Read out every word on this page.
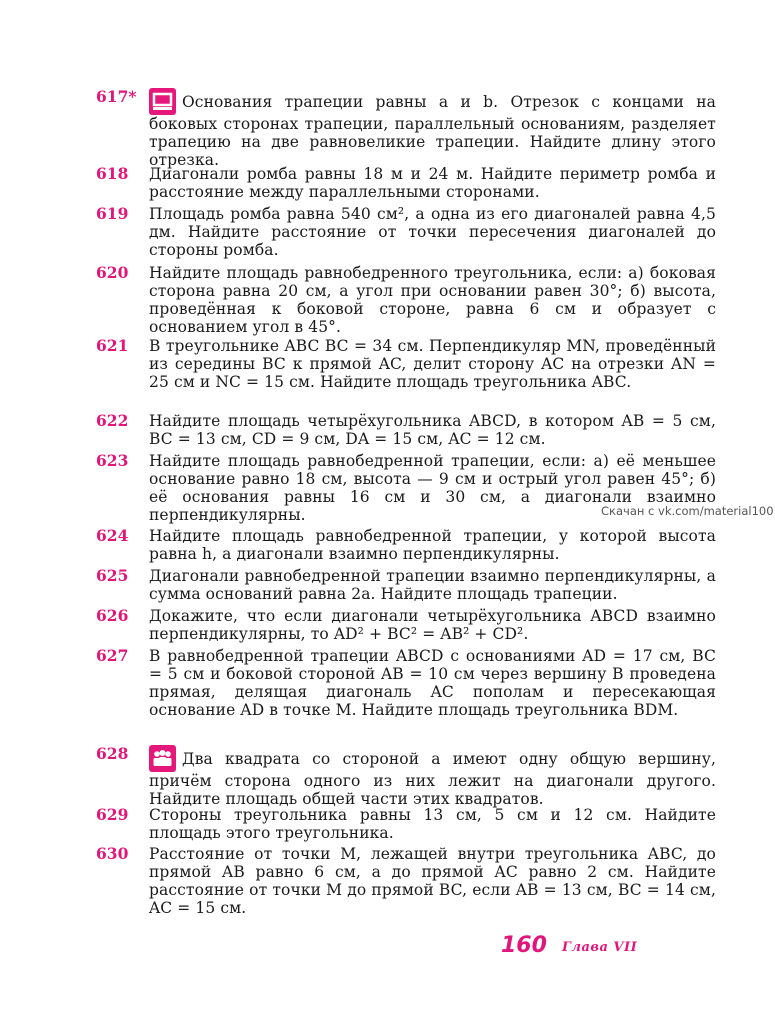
617*	Основания трапеции равны a и b. Отрезок с концами на боковых сторонах трапеции, параллельный основаниям, разделяет трапецию на две равновеликие трапеции. Найдите длину этого отрезка.
618 Диагонали ромба равны 18 м и 24 м. Найдите периметр ромба и расстояние между параллельными сторонами.
619 Площадь ромба равна 540 см², а одна из его диагоналей равна 4,5 дм. Найдите расстояние от точки пересечения диагоналей до стороны ромба.
620 Найдите площадь равнобедренного треугольника, если: а) боковая сторона равна 20 см, а угол при основании равен 30°; б) высота, проведённая к боковой стороне, равна 6 см и образует с основанием угол в 45°.
621 В треугольнике ABC BC = 34 см. Перпендикуляр MN, проведённый из середины BC к прямой AC, делит сторону AC на отрезки AN = 25 см и NC = 15 см. Найдите площадь треугольника ABC.
622 Найдите площадь четырёхугольника ABCD, в котором AB = 5 см, BC = 13 см, CD = 9 см, DA = 15 см, AC = 12 см.
623 Найдите площадь равнобедренной трапеции, если: а) её меньшее основание равно 18 см, высота — 9 см и острый угол равен 45°; б) её основания равны 16 см и 30 см, а диагонали взаимно перпендикулярны.
624 Найдите площадь равнобедренной трапеции, у которой высота равна h, а диагонали взаимно перпендикулярны.
625 Диагонали равнобедренной трапеции взаимно перпендикулярны, а сумма оснований равна 2a. Найдите площадь трапеции.
626 Докажите, что если диагонали четырёхугольника ABCD взаимно перпендикулярны, то AD² + BC² = AB² + CD².
627 В равнобедренной трапеции ABCD с основаниями AD = 17 см, BC = 5 см и боковой стороной AB = 10 см через вершину B проведена прямая, делящая диагональ AC пополам и пересекающая основание AD в точке M. Найдите площадь треугольника BDM.
628	Два квадрата со стороной a имеют одну общую вершину, причём сторона одного из них лежит на диагонали другого. Найдите площадь общей части этих квадратов.
629 Стороны треугольника равны 13 см, 5 см и 12 см. Найдите площадь этого треугольника.
630 Расстояние от точки M, лежащей внутри треугольника ABC, до прямой AB равно 6 см, а до прямой AC равно 2 см. Найдите расстояние от точки M до прямой BC, если AB = 13 см, BC = 14 см, AC = 15 см.
Скачан с vk.com/material100
160 Глава VII
